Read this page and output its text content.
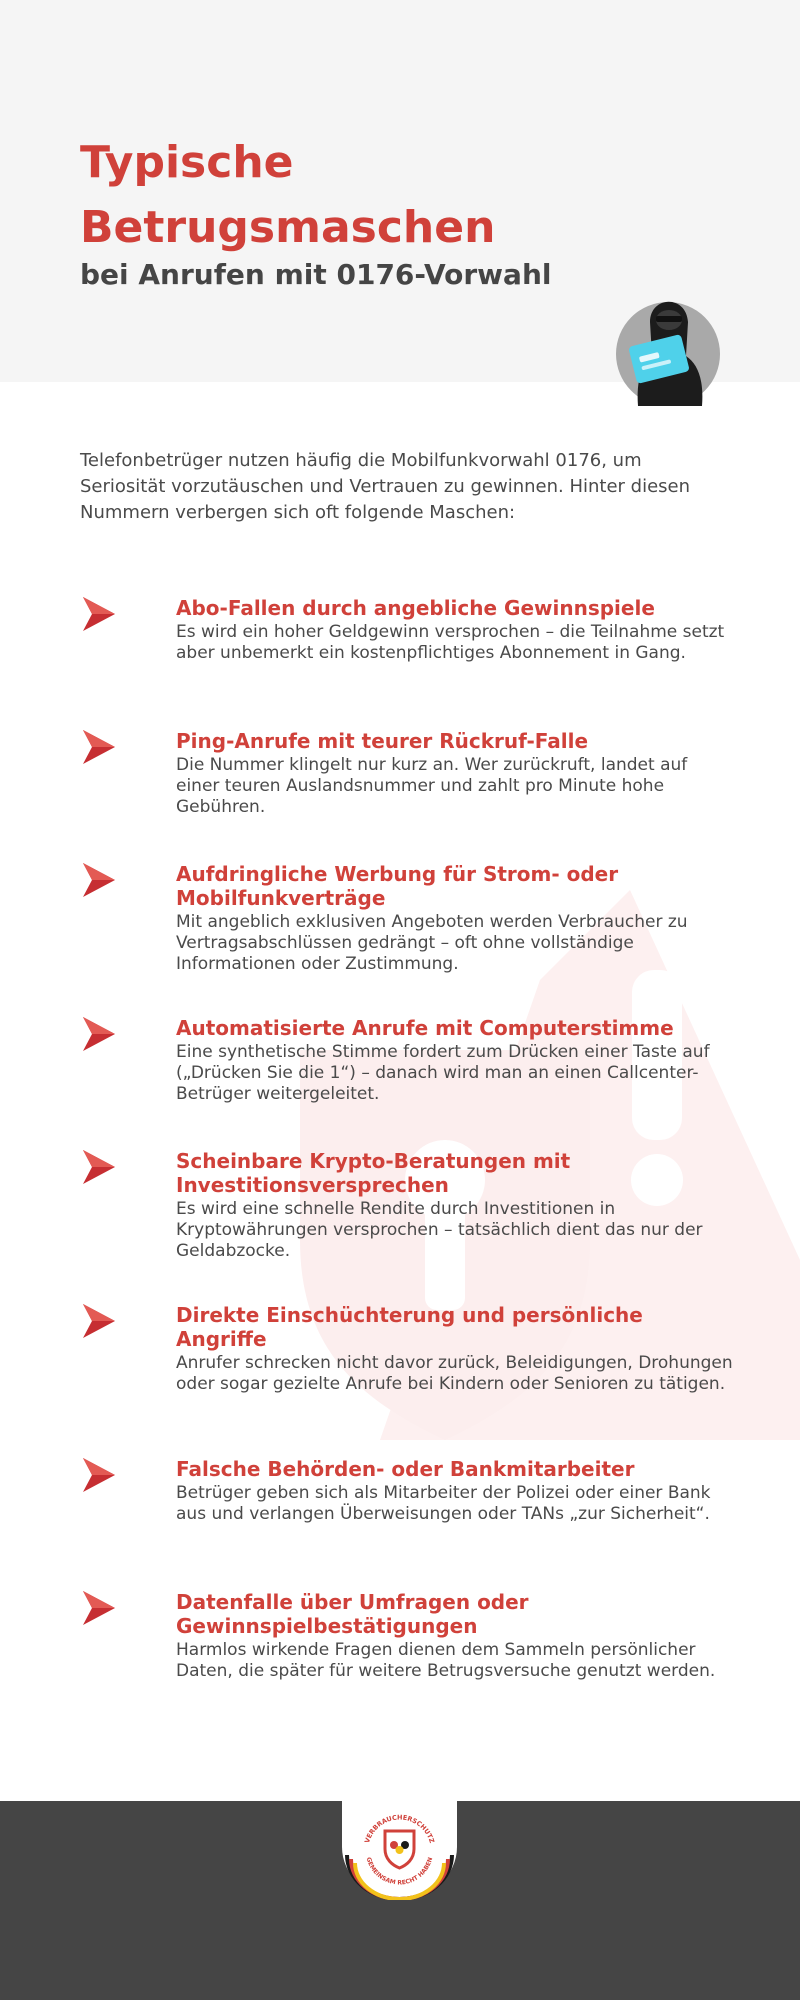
Typische Betrugsmaschen
bei Anrufen mit 0176-Vorwahl

Telefonbetrüger nutzen häufig die Mobilfunkvorwahl 0176, um Seriosität vorzutäuschen und Vertrauen zu gewinnen. Hinter diesen Nummern verbergen sich oft folgende Maschen:

Abo-Fallen durch angebliche Gewinnspiele

Es wird ein hoher Geldgewinn versprochen – die Teilnahme setzt aber unbemerkt ein kostenpflichtiges Abonnement in Gang.

Ping-Anrufe mit teurer Rückruf-Falle

Die Nummer klingelt nur kurz an. Wer zurückruft, landet auf einer teuren Auslandsnummer und zahlt pro Minute hohe Gebühren.

Aufdringliche Werbung für Strom- oder Mobilfunkverträge

Mit angeblich exklusiven Angeboten werden Verbraucher zu Vertragsabschlüssen gedrängt – oft ohne vollständige Informationen oder Zustimmung.

Automatisierte Anrufe mit Computerstimme

Eine synthetische Stimme fordert zum Drücken einer Taste auf („Drücken Sie die 1“) – danach wird man an einen Callcenter-Betrüger weitergeleitet.

Scheinbare Krypto-Beratungen mit Investitionsversprechen

Es wird eine schnelle Rendite durch Investitionen in Kryptowährungen versprochen – tatsächlich dient das nur der Geldabzocke.

Direkte Einschüchterung und persönliche Angriffe

Anrufer schrecken nicht davor zurück, Beleidigungen, Drohungen oder sogar gezielte Anrufe bei Kindern oder Senioren zu tätigen.

Falsche Behörden- oder Bankmitarbeiter

Betrüger geben sich als Mitarbeiter der Polizei oder einer Bank aus und verlangen Überweisungen oder TANs „zur Sicherheit“.

Datenfalle über Umfragen oder Gewinnspielbestätigungen

Harmlos wirkende Fragen dienen dem Sammeln persönlicher Daten, die später für weitere Betrugsversuche genutzt werden.

VERBRAUCHERSCHUTZ
GEMEINSAM RECHT HABEN
